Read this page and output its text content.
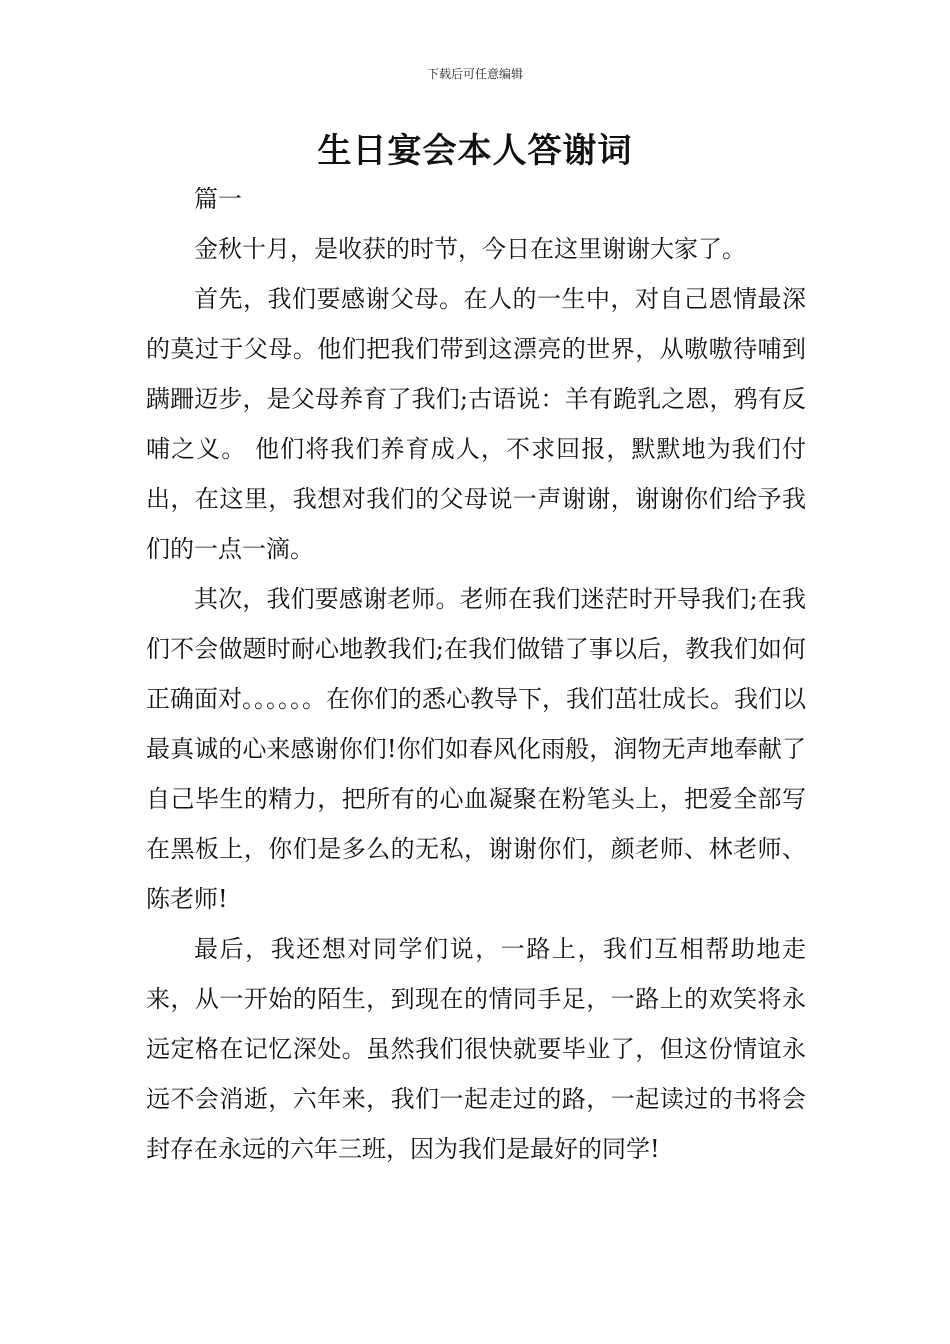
下载后可任意编辑
生日宴会本人答谢词

篇一

金秋十月，是收获的时节，今日在这里谢谢大家了。

首先，我们要感谢父母。在人的一生中，对自己恩情最深的莫过于父母。他们把我们带到这漂亮的世界，从嗷嗷待哺到蹒跚迈步，是父母养育了我们;古语说：羊有跪乳之恩，鸦有反哺之义。 他们将我们养育成人，不求回报，默默地为我们付出，在这里，我想对我们的父母说一声谢谢，谢谢你们给予我们的一点一滴。

其次，我们要感谢老师。老师在我们迷茫时开导我们;在我们不会做题时耐心地教我们;在我们做错了事以后，教我们如何正确面对。。。。。。在你们的悉心教导下，我们茁壮成长。我们以最真诚的心来感谢你们!你们如春风化雨般，润物无声地奉献了自己毕生的精力，把所有的心血凝聚在粉笔头上，把爱全部写在黑板上，你们是多么的无私，谢谢你们，颜老师、林老师、陈老师!

最后，我还想对同学们说，一路上，我们互相帮助地走来，从一开始的陌生，到现在的情同手足，一路上的欢笑将永远定格在记忆深处。虽然我们很快就要毕业了，但这份情谊永远不会消逝，六年来，我们一起走过的路，一起读过的书将会封存在永远的六年三班，因为我们是最好的同学!
